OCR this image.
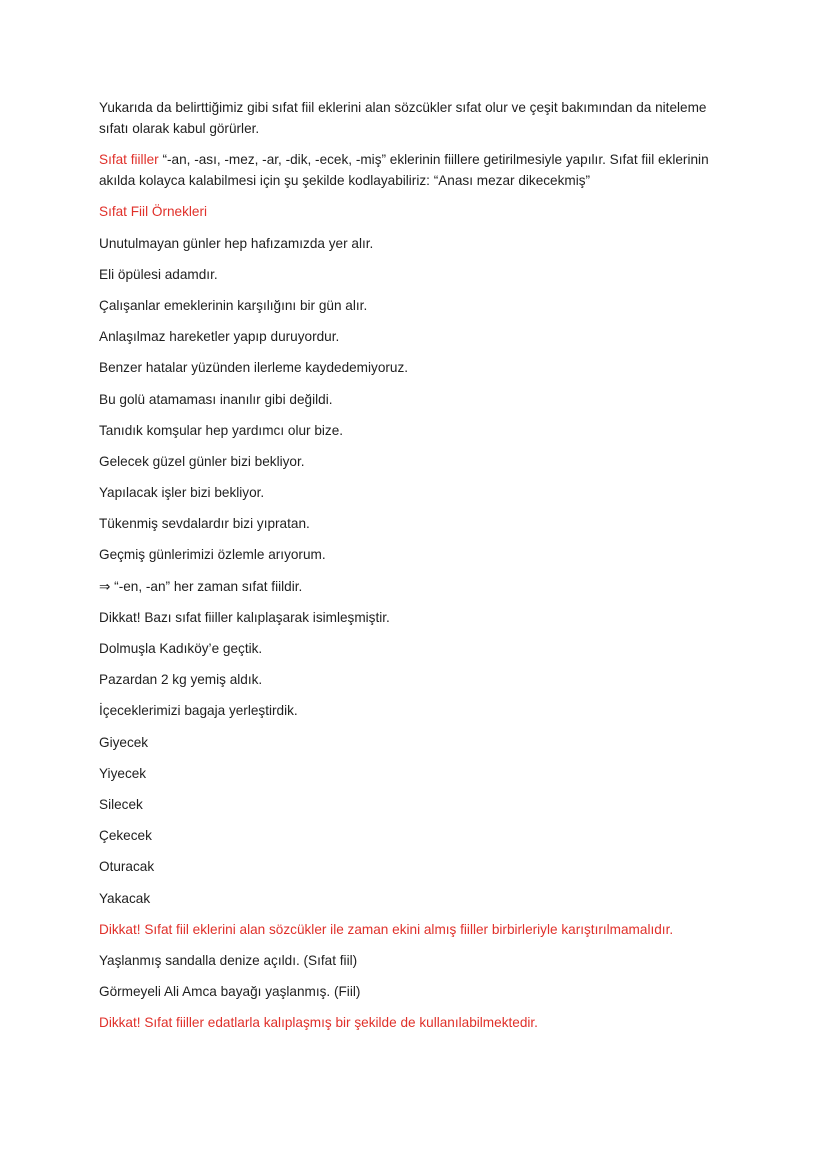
Yukarıda da belirttiğimiz gibi sıfat fiil eklerini alan sözcükler sıfat olur ve çeşit bakımından da niteleme sıfatı olarak kabul görürler.

Sıfat fiiller “-an, -ası, -mez, -ar, -dik, -ecek, -miş” eklerinin fiillere getirilmesiyle yapılır. Sıfat fiil eklerinin akılda kolayca kalabilmesi için şu şekilde kodlayabiliriz: “Anası mezar dikecekmiş”

Sıfat Fiil Örnekleri

Unutulmayan günler hep hafızamızda yer alır.

Eli öpülesi adamdır.

Çalışanlar emeklerinin karşılığını bir gün alır.

Anlaşılmaz hareketler yapıp duruyordur.

Benzer hatalar yüzünden ilerleme kaydedemiyoruz.

Bu golü atamaması inanılır gibi değildi.

Tanıdık komşular hep yardımcı olur bize.

Gelecek güzel günler bizi bekliyor.

Yapılacak işler bizi bekliyor.

Tükenmiş sevdalardır bizi yıpratan.

Geçmiş günlerimizi özlemle arıyorum.

⇒ “-en, -an” her zaman sıfat fiildir.

Dikkat! Bazı sıfat fiiller kalıplaşarak isimleşmiştir.

Dolmuşla Kadıköy’e geçtik.

Pazardan 2 kg yemiş aldık.

İçeceklerimizi bagaja yerleştirdik.

Giyecek

Yiyecek

Silecek

Çekecek

Oturacak

Yakacak

Dikkat! Sıfat fiil eklerini alan sözcükler ile zaman ekini almış fiiller birbirleriyle karıştırılmamalıdır.

Yaşlanmış sandalla denize açıldı. (Sıfat fiil)

Görmeyeli Ali Amca bayağı yaşlanmış. (Fiil)

Dikkat! Sıfat fiiller edatlarla kalıplaşmış bir şekilde de kullanılabilmektedir.
